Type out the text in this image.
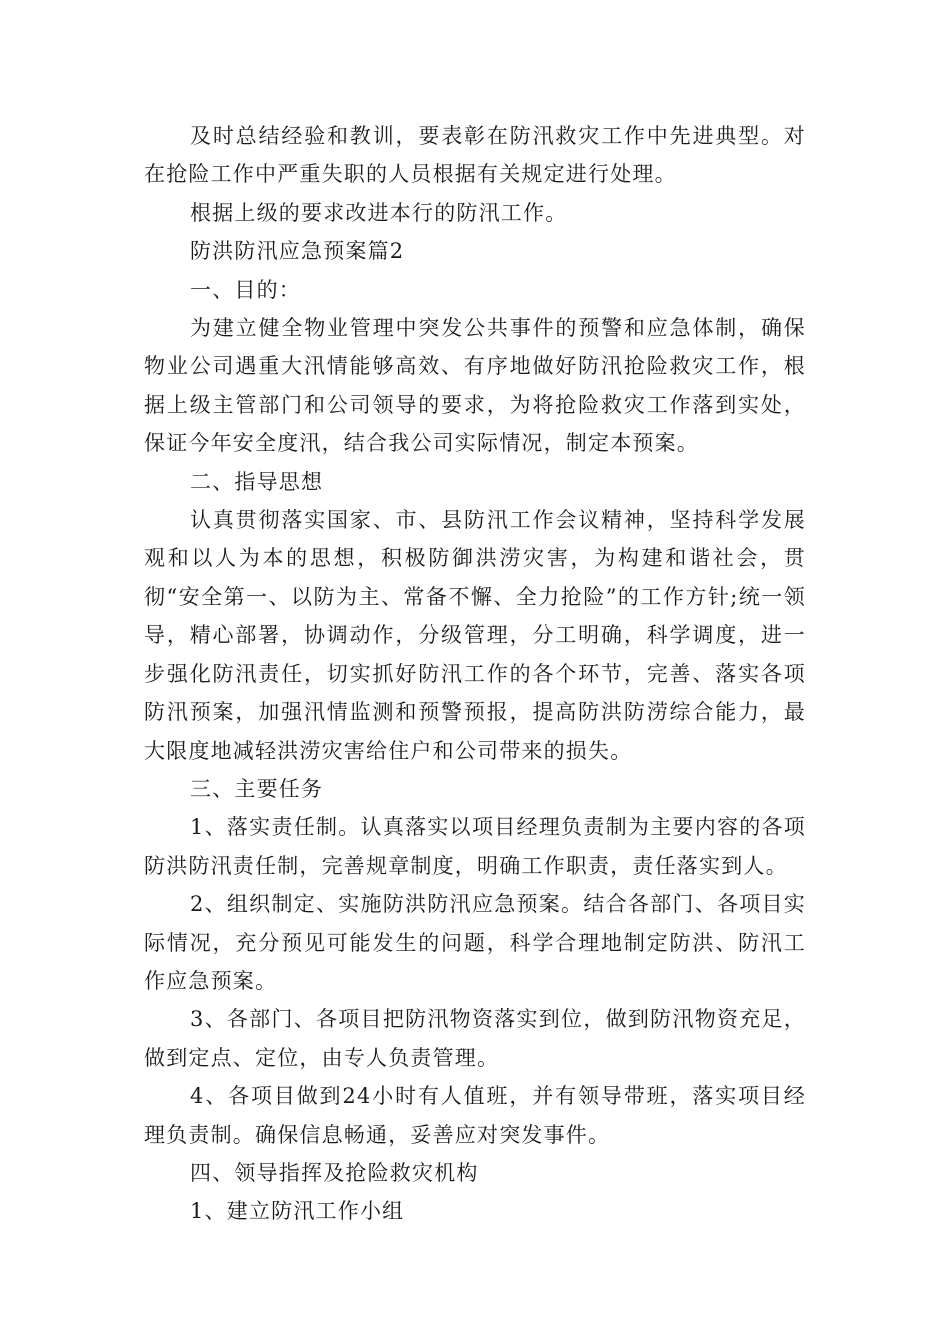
及时总结经验和教训，要表彰在防汛救灾工作中先进典型。对在抢险工作中严重失职的人员根据有关规定进行处理。

根据上级的要求改进本行的防汛工作。

防洪防汛应急预案篇2

一、目的：

为建立健全物业管理中突发公共事件的预警和应急体制，确保物业公司遇重大汛情能够高效、有序地做好防汛抢险救灾工作，根据上级主管部门和公司领导的要求，为将抢险救灾工作落到实处，保证今年安全度汛，结合我公司实际情况，制定本预案。

二、指导思想

认真贯彻落实国家、市、县防汛工作会议精神，坚持科学发展观和以人为本的思想，积极防御洪涝灾害，为构建和谐社会，贯彻“安全第一、以防为主、常备不懈、全力抢险”的工作方针;统一领导，精心部署，协调动作，分级管理，分工明确，科学调度，进一步强化防汛责任，切实抓好防汛工作的各个环节，完善、落实各项防汛预案，加强汛情监测和预警预报，提高防洪防涝综合能力，最大限度地减轻洪涝灾害给住户和公司带来的损失。

三、主要任务

1、落实责任制。认真落实以项目经理负责制为主要内容的各项防洪防汛责任制，完善规章制度，明确工作职责，责任落实到人。

2、组织制定、实施防洪防汛应急预案。结合各部门、各项目实际情况，充分预见可能发生的问题，科学合理地制定防洪、防汛工作应急预案。

3、各部门、各项目把防汛物资落实到位，做到防汛物资充足，做到定点、定位，由专人负责管理。

4、各项目做到24小时有人值班，并有领导带班，落实项目经理负责制。确保信息畅通，妥善应对突发事件。

四、领导指挥及抢险救灾机构

1、建立防汛工作小组
